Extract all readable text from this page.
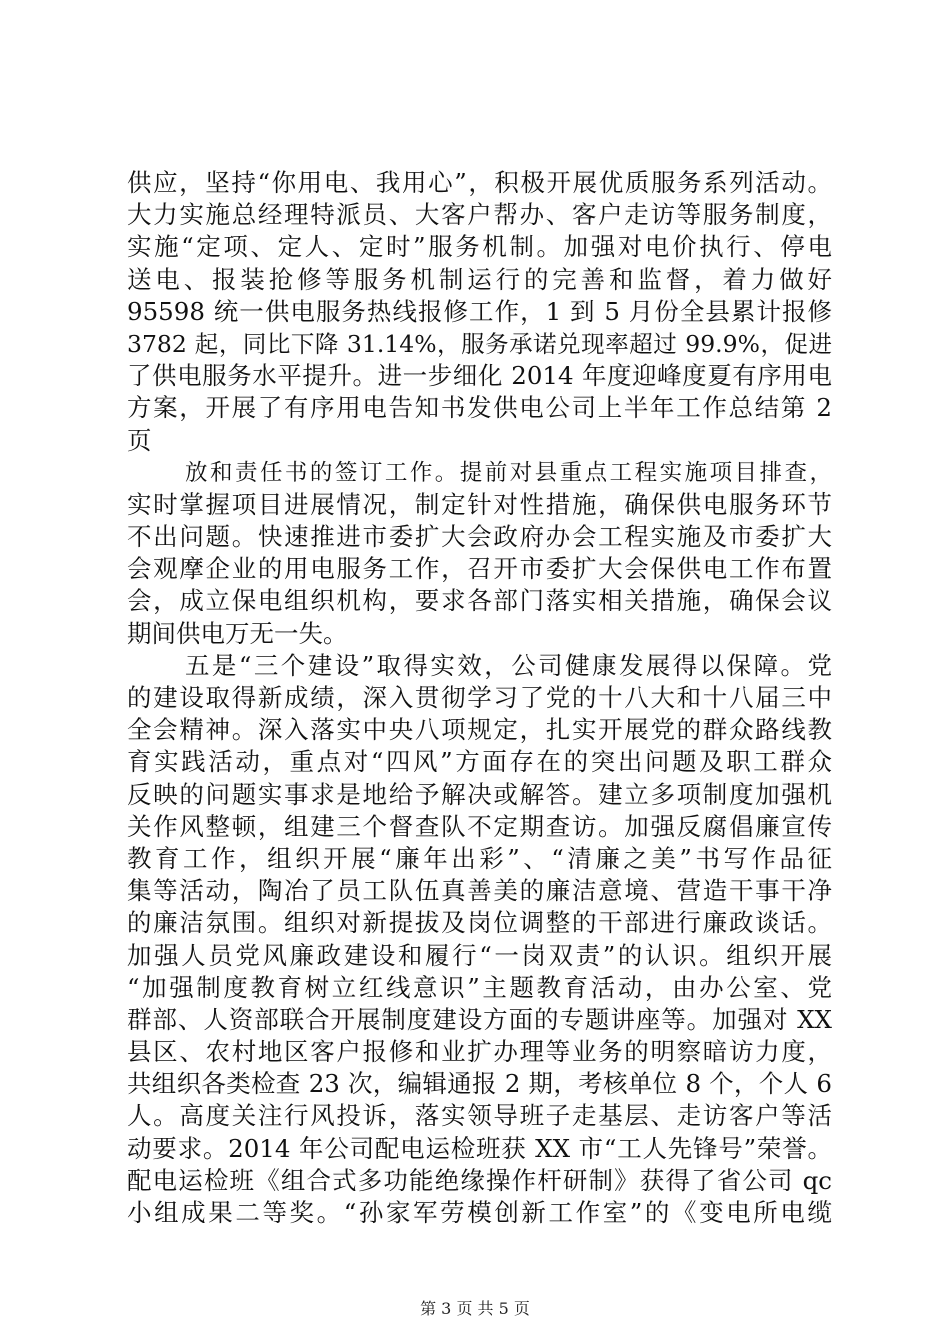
供应，坚持“你用电、我用心”，积极开展优质服务系列活动。
大力实施总经理特派员、大客户帮办、客户走访等服务制度，
实施“定项、定人、定时”服务机制。加强对电价执行、停电
送电、报装抢修等服务机制运行的完善和监督，着力做好
95598 统一供电服务热线报修工作，1 到 5 月份全县累计报修
3782 起，同比下降 31.14%，服务承诺兑现率超过 99.9%，促进
了供电服务水平提升。进一步细化 2014 年度迎峰度夏有序用电
方案，开展了有序用电告知书发供电公司上半年工作总结第 2
页
放和责任书的签订工作。提前对县重点工程实施项目排查，
实时掌握项目进展情况，制定针对性措施，确保供电服务环节
不出问题。快速推进市委扩大会政府办会工程实施及市委扩大
会观摩企业的用电服务工作，召开市委扩大会保供电工作布置
会，成立保电组织机构，要求各部门落实相关措施，确保会议
期间供电万无一失。
五是“三个建设”取得实效，公司健康发展得以保障。党
的建设取得新成绩，深入贯彻学习了党的十八大和十八届三中
全会精神。深入落实中央八项规定，扎实开展党的群众路线教
育实践活动，重点对“四风”方面存在的突出问题及职工群众
反映的问题实事求是地给予解决或解答。建立多项制度加强机
关作风整顿，组建三个督查队不定期查访。加强反腐倡廉宣传
教育工作，组织开展“廉年出彩”、“清廉之美”书写作品征
集等活动，陶冶了员工队伍真善美的廉洁意境、营造干事干净
的廉洁氛围。组织对新提拔及岗位调整的干部进行廉政谈话。
加强人员党风廉政建设和履行“一岗双责”的认识。组织开展
“加强制度教育树立红线意识”主题教育活动，由办公室、党
群部、人资部联合开展制度建设方面的专题讲座等。加强对 XX
县区、农村地区客户报修和业扩办理等业务的明察暗访力度，
共组织各类检查 23 次，编辑通报 2 期，考核单位 8 个，个人 6
人。高度关注行风投诉，落实领导班子走基层、走访客户等活
动要求。2014 年公司配电运检班获 XX 市“工人先锋号”荣誉。
配电运检班《组合式多功能绝缘操作杆研制》获得了省公司 qc
小组成果二等奖。“孙家军劳模创新工作室”的《变电所电缆
第 3 页 共 5 页
